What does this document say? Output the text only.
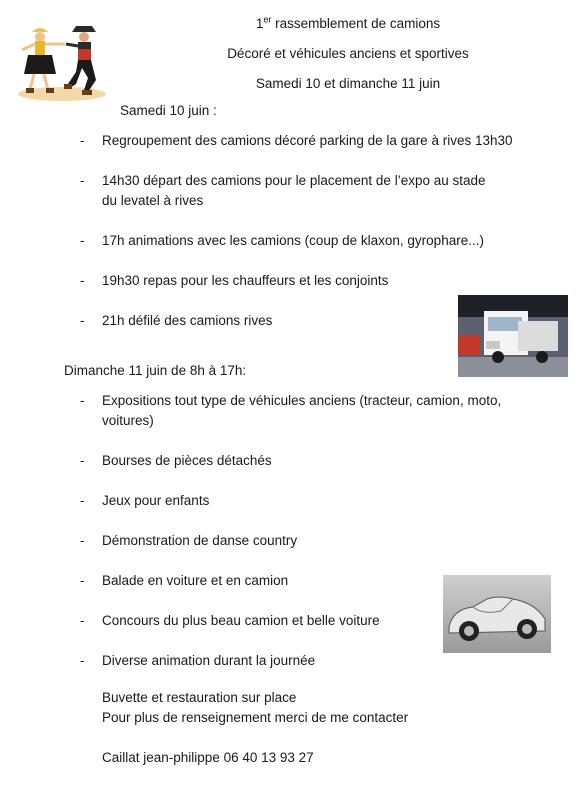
1er rassemblement de camions
Décoré et véhicules anciens et sportives
Samedi 10 et dimanche 11 juin
Samedi 10 juin :
- Regroupement des camions décoré parking de la gare à rives 13h30
- 14h30 départ des camions pour le placement de l’expo au stade du levatel à rives
- 17h animations avec les camions (coup de klaxon, gyrophare...)
- 19h30 repas pour les chauffeurs et les conjoints
- 21h défilé des camions rives
Dimanche 11 juin de 8h à 17h:
- Expositions tout type de véhicules anciens (tracteur, camion, moto, voitures)
- Bourses de pièces détachés
- Jeux pour enfants
- Démonstration de danse country
- Balade en voiture et en camion
- Concours du plus beau camion et belle voiture
- Diverse animation durant la journée
Buvette et restauration sur place
Pour plus de renseignement merci de me contacter
Caillat jean-philippe 06 40 13 93 27
